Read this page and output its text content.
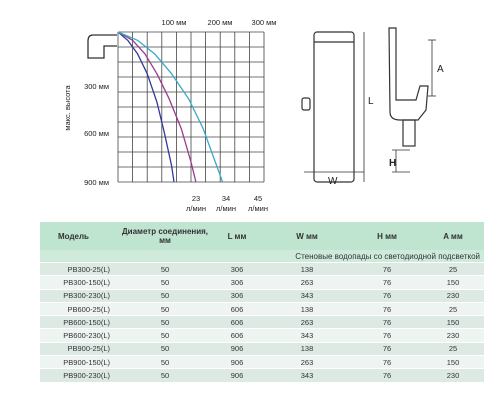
макс. высота
100 мм	200 мм	300 мм
300 мм
600 мм
900 мм
23
л/мин
34
л/мин
45
л/мин
L
W
A
H
Модель	Диаметр соединения, мм	L мм	W мм	H мм	A мм
Стеновые водопады со светодиодной подсветкой					
PB300-25(L)	50	306	138	76	25
PB300-150(L)	50	306	263	76	150
PB300-230(L)	50	306	343	76	230
PB600-25(L)	50	606	138	76	25
PB600-150(L)	50	606	263	76	150
PB600-230(L)	50	606	343	76	230
PB900-25(L)	50	906	138	76	25
PB900-150(L)	50	906	263	76	150
PB900-230(L)	50	906	343	76	230
